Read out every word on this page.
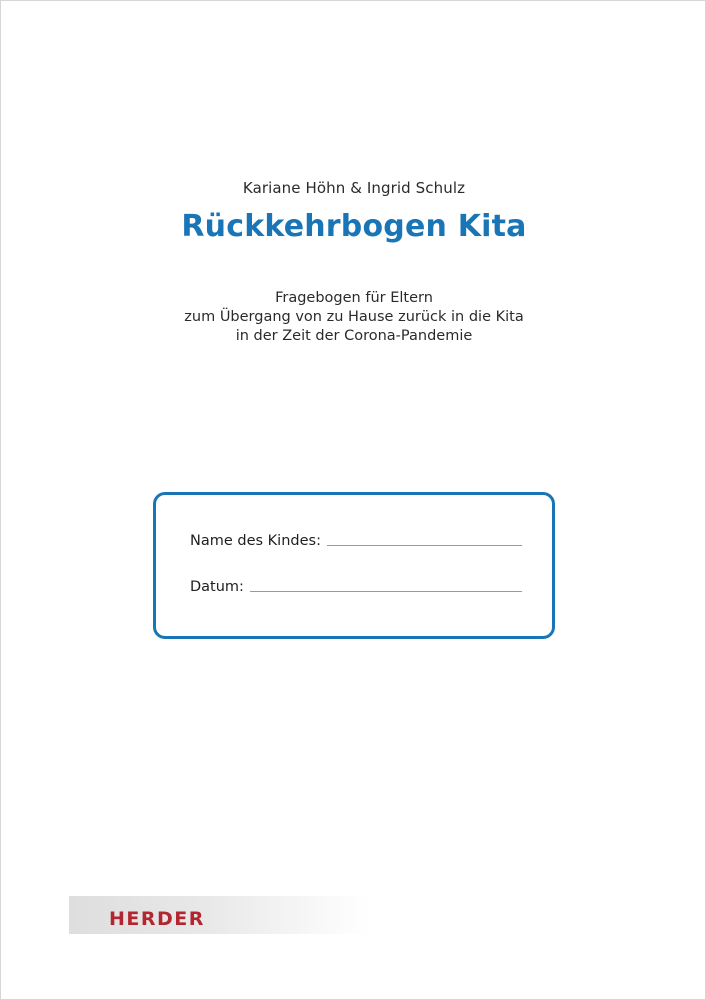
Kariane Höhn & Ingrid Schulz
Rückkehrbogen Kita
Fragebogen für Eltern
zum Übergang von zu Hause zurück in die Kita
in der Zeit der Corona-Pandemie
Name des Kindes:
Datum:
HERDER
